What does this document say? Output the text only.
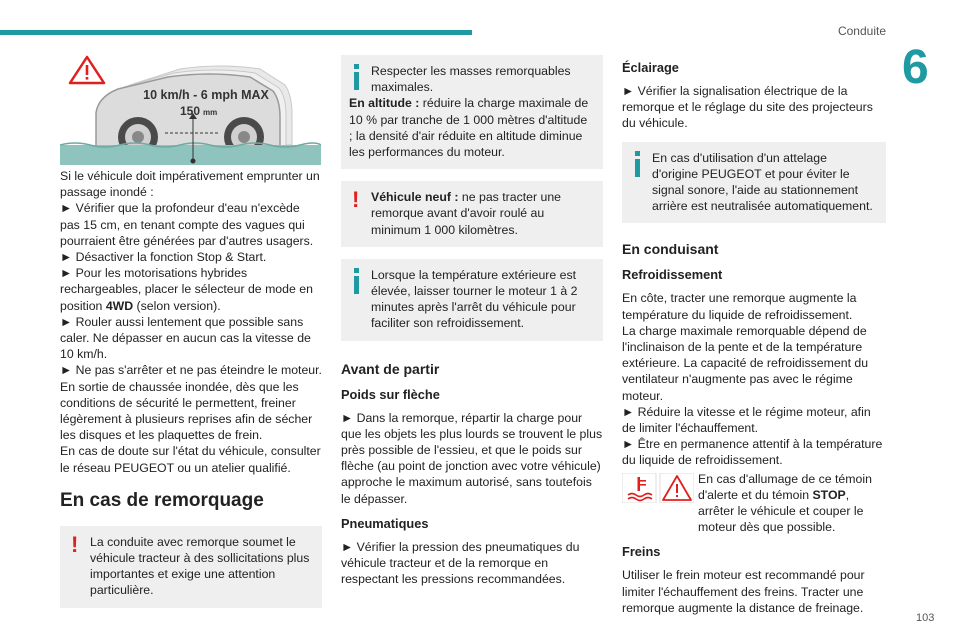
Conduite
6
103
10 km/h - 6 mph MAX
150 mm

Si le véhicule doit impérativement emprunter un passage inondé :

► Vérifier que la profondeur d'eau n'excède pas 15 cm, en tenant compte des vagues qui pourraient être générées par d'autres usagers.

► Désactiver la fonction Stop & Start.

► Pour les motorisations hybrides rechargeables, placer le sélecteur de mode en position 4WD (selon version).

► Rouler aussi lentement que possible sans caler. Ne dépasser en aucun cas la vitesse de 10 km/h.

► Ne pas s'arrêter et ne pas éteindre le moteur.

En sortie de chaussée inondée, dès que les conditions de sécurité le permettent, freiner légèrement à plusieurs reprises afin de sécher les disques et les plaquettes de frein.

En cas de doute sur l'état du véhicule, consulter le réseau PEUGEOT ou un atelier qualifié.

En cas de remorquage

! La conduite avec remorque soumet le véhicule tracteur à des sollicitations plus importantes et exige une attention particulière.

Respecter les masses remorquables maximales.

En altitude : réduire la charge maximale de 10 % par tranche de 1 000 mètres d'altitude ; la densité d'air réduite en altitude diminue les performances du moteur.

! Véhicule neuf : ne pas tracter une remorque avant d'avoir roulé au minimum 1 000 kilomètres.

Lorsque la température extérieure est élevée, laisser tourner le moteur 1 à 2 minutes après l'arrêt du véhicule pour faciliter son refroidissement.

Avant de partir

Poids sur flèche

► Dans la remorque, répartir la charge pour que les objets les plus lourds se trouvent le plus près possible de l'essieu, et que le poids sur flèche (au point de jonction avec votre véhicule) approche le maximum autorisé, sans toutefois le dépasser.

Pneumatiques

► Vérifier la pression des pneumatiques du véhicule tracteur et de la remorque en respectant les pressions recommandées.

Éclairage

► Vérifier la signalisation électrique de la remorque et le réglage du site des projecteurs du véhicule.

En cas d'utilisation d'un attelage d'origine PEUGEOT et pour éviter le signal sonore, l'aide au stationnement arrière est neutralisée automatiquement.

En conduisant

Refroidissement

En côte, tracter une remorque augmente la température du liquide de refroidissement.

La charge maximale remorquable dépend de l'inclinaison de la pente et de la température extérieure. La capacité de refroidissement du ventilateur n'augmente pas avec le régime moteur.

► Réduire la vitesse et le régime moteur, afin de limiter l'échauffement.

► Être en permanence attentif à la température du liquide de refroidissement.

En cas d'allumage de ce témoin d'alerte et du témoin STOP, arrêter le véhicule et couper le moteur dès que possible.

Freins

Utiliser le frein moteur est recommandé pour limiter l'échauffement des freins. Tracter une remorque augmente la distance de freinage.
